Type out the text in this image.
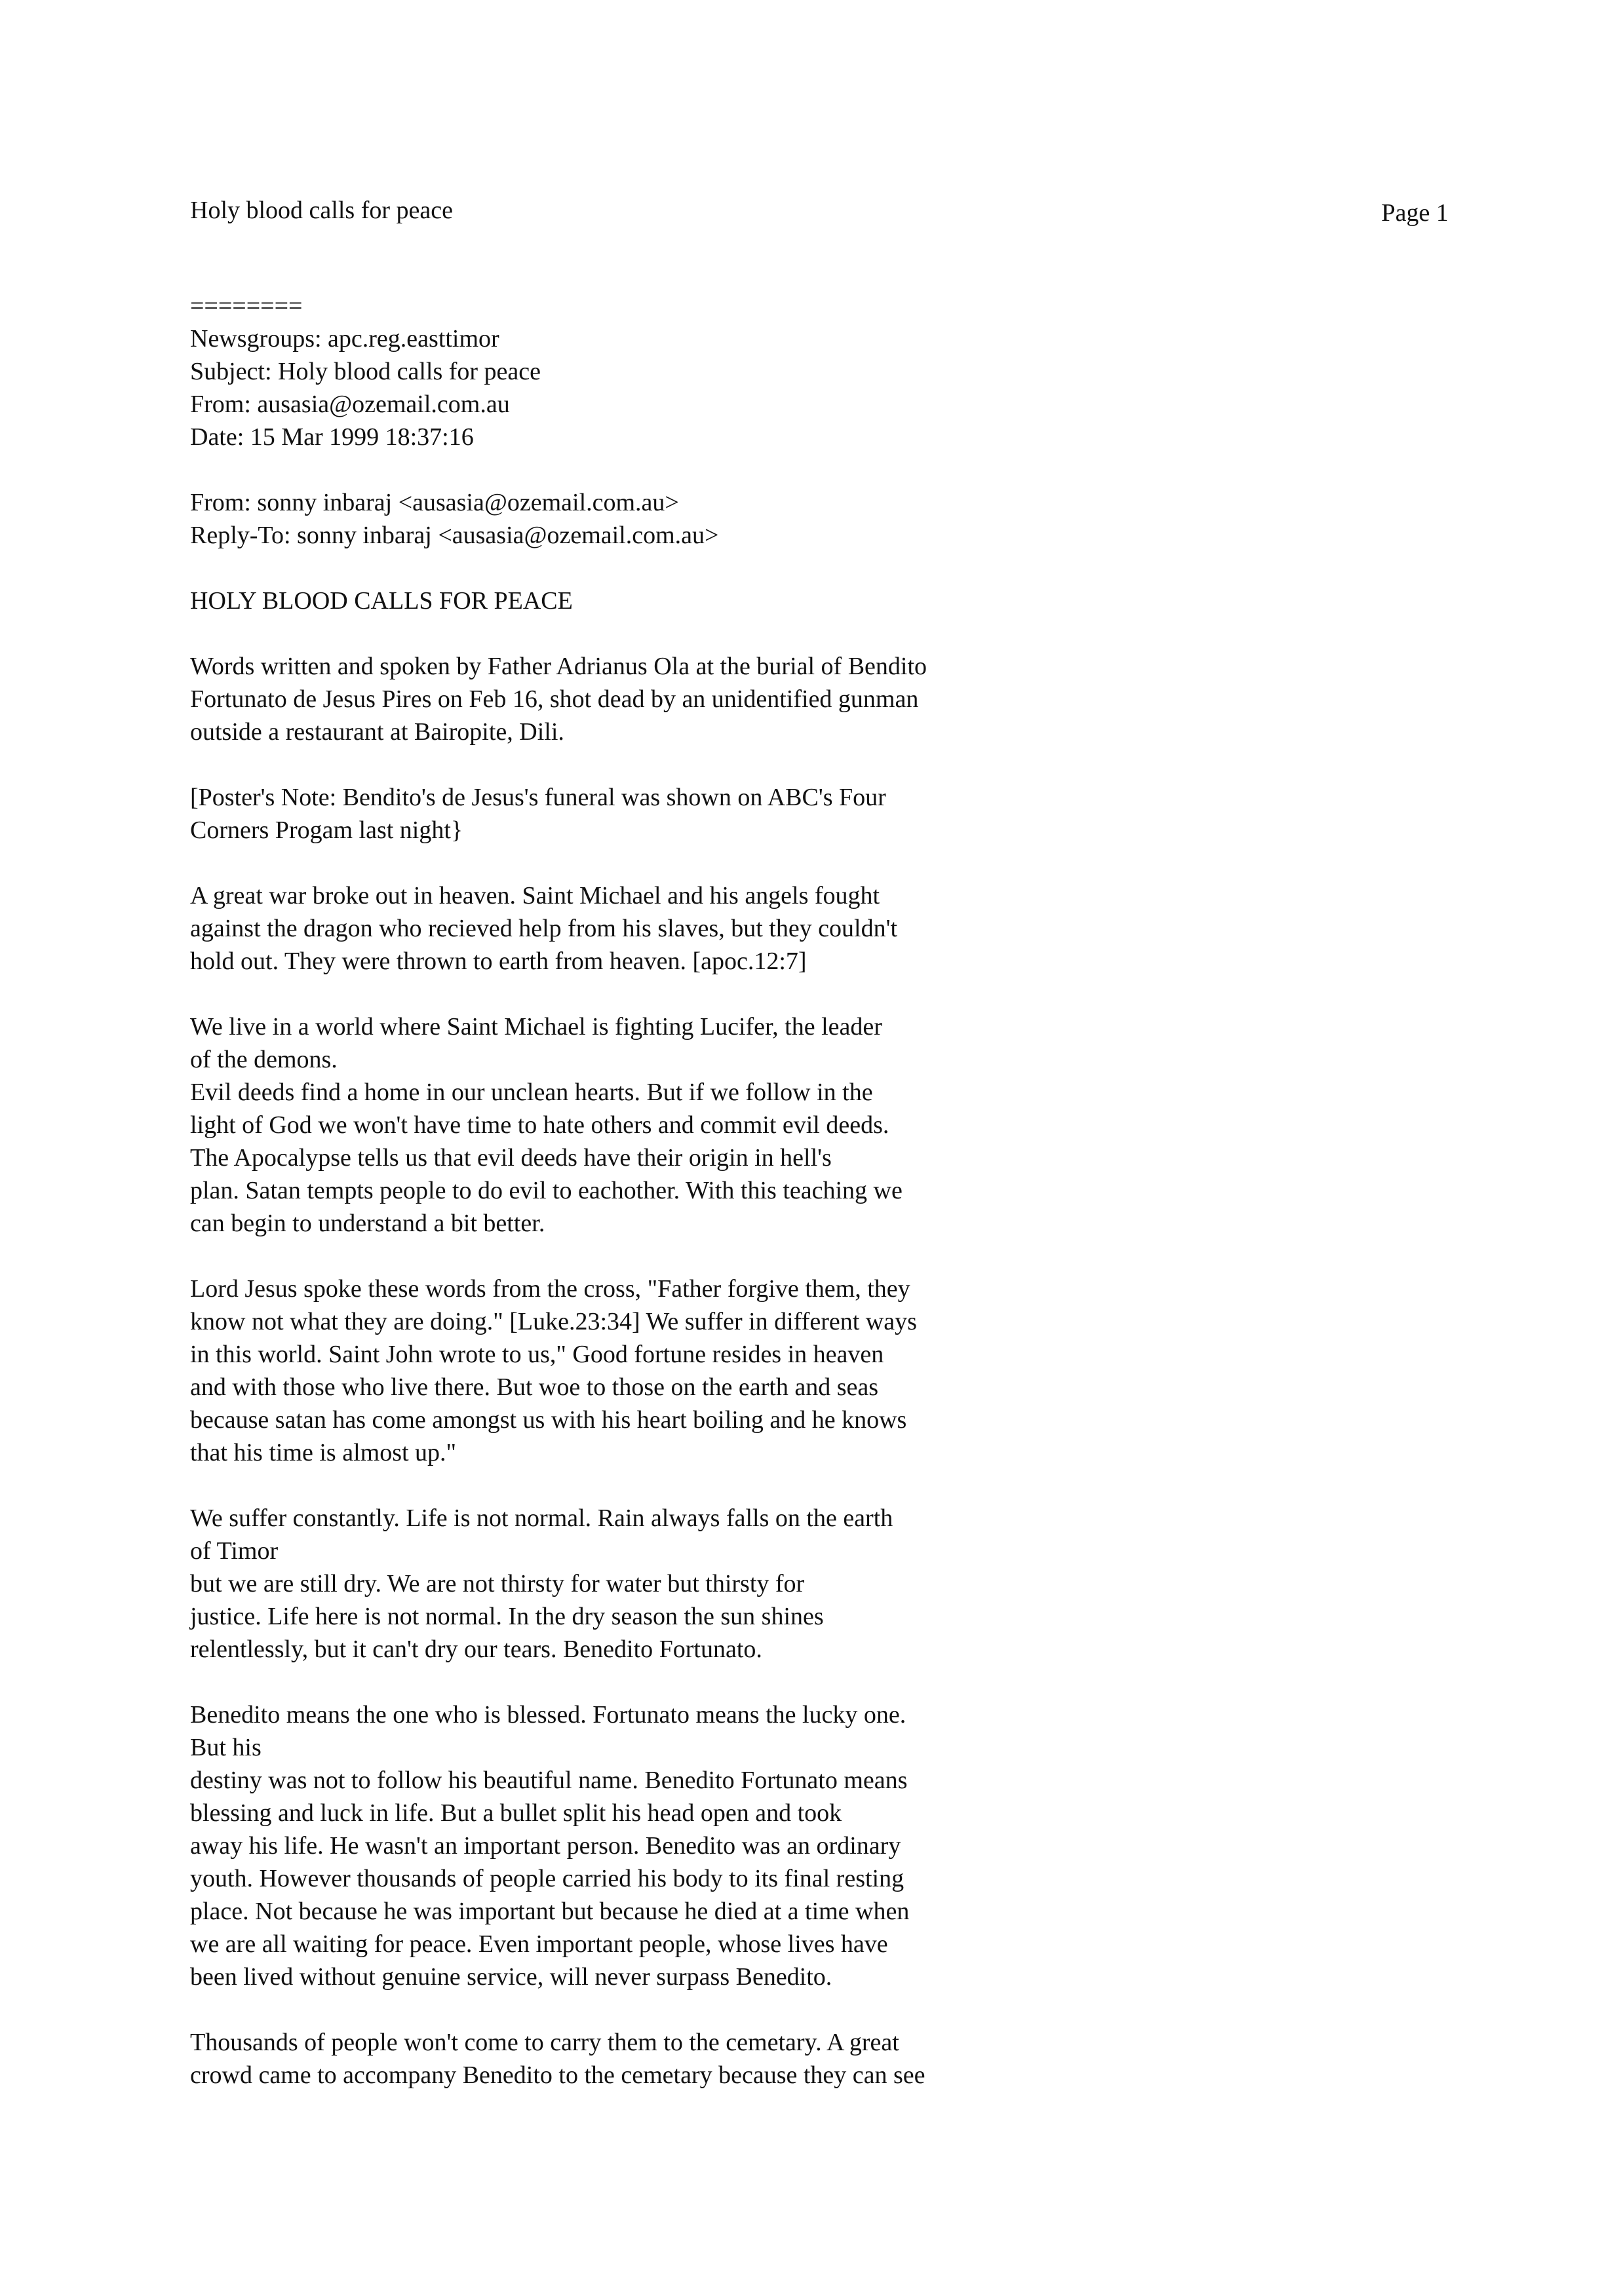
Holy blood calls for peace	Page 1
========
Newsgroups: apc.reg.easttimor
Subject: Holy blood calls for peace
From: ausasia@ozemail.com.au
Date: 15 Mar 1999 18:37:16
From: sonny inbaraj <ausasia@ozemail.com.au>
Reply-To: sonny inbaraj <ausasia@ozemail.com.au>
HOLY BLOOD CALLS FOR PEACE
Words written and spoken by Father Adrianus Ola at the burial of Bendito
Fortunato de Jesus Pires on Feb 16, shot dead by an unidentified gunman
outside a restaurant at Bairopite, Dili.
[Poster's Note: Bendito's de Jesus's funeral was shown on ABC's Four
Corners Progam last night}
A great war broke out in heaven. Saint Michael and his angels fought
against the dragon who recieved help from his slaves, but they couldn't
hold out. They were thrown to earth from heaven. [apoc.12:7]
We live in a world where Saint Michael is fighting Lucifer, the leader
of the demons.
Evil deeds find a home in our unclean hearts. But if we follow in the
light of God we won't have time to hate others and commit evil deeds.
The Apocalypse tells us that evil deeds have their origin in hell's
plan. Satan tempts people to do evil to eachother. With this teaching we
can begin to understand a bit better.
Lord Jesus spoke these words from the cross, "Father forgive them, they
know not what they are doing." [Luke.23:34] We suffer in different ways
in this world. Saint John wrote to us," Good fortune resides in heaven
and with those who live there. But woe to those on the earth and seas
because satan has come amongst us with his heart boiling and he knows
that his time is almost up."
We suffer constantly. Life is not normal. Rain always falls on the earth
of Timor
but we are still dry. We are not thirsty for water but thirsty for
justice. Life here is not normal. In the dry season the sun shines
relentlessly, but it can't dry our tears. Benedito Fortunato.
Benedito means the one who is blessed. Fortunato means the lucky one.
But his
destiny was not to follow his beautiful name. Benedito Fortunato means
blessing and luck in life. But a bullet split his head open and took
away his life. He wasn't an important person. Benedito was an ordinary
youth. However thousands of people carried his body to its final resting
place. Not because he was important but because he died at a time when
we are all waiting for peace. Even important people, whose lives have
been lived without genuine service, will never surpass Benedito.
Thousands of people won't come to carry them to the cemetary. A great
crowd came to accompany Benedito to the cemetary because they can see
